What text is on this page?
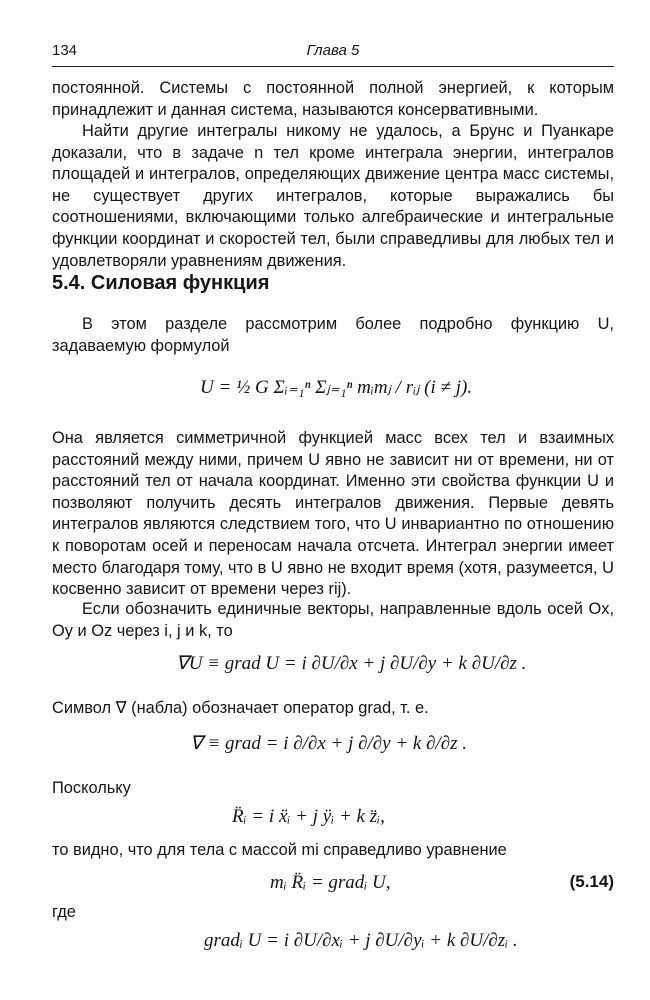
134	Глава 5

постоянной. Системы с постоянной полной энергией, к которым принадлежит и данная система, называются консервативными.

Найти другие интегралы никому не удалось, а Брунс и Пуанкаре доказали, что в задаче n тел кроме интеграла энергии, интегралов площадей и интегралов, определяющих движение центра масс системы, не существует других интегралов, которые выражались бы соотношениями, включающими только алгебраические и интегральные функции координат и скоростей тел, были справедливы для любых тел и удовлетворяли уравнениям движения.

5.4. Силовая функция

В этом разделе рассмотрим более подробно функцию U, задаваемую формулой

U = ½ G Σᵢ₌₁ⁿ Σⱼ₌₁ⁿ mᵢmⱼ / rᵢⱼ (i ≠ j).

Она является симметричной функцией масс всех тел и взаимных расстояний между ними, причем U явно не зависит ни от времени, ни от расстояний тел от начала координат. Именно эти свойства функции U и позволяют получить десять интегралов движения. Первые девять интегралов являются следствием того, что U инвариантно по отношению к поворотам осей и переносам начала отсчета. Интеграл энергии имеет место благодаря тому, что в U явно не входит время (хотя, разумеется, U косвенно зависит от времени через rij).

Если обозначить единичные векторы, направленные вдоль осей Ox, Oy и Oz через i, j и k, то

∇U ≡ grad U = i ∂U/∂x + j ∂U/∂y + k ∂U/∂z .

Символ ∇ (набла) обозначает оператор grad, т. е.

∇ ≡ grad = i ∂/∂x + j ∂/∂y + k ∂/∂z .

Поскольку

R̈ᵢ = i ẍᵢ + j ÿᵢ + k z̈ᵢ,

то видно, что для тела с массой mi справедливо уравнение

mᵢ R̈ᵢ = gradᵢ U,	(5.14)

где

gradᵢ U = i ∂U/∂xᵢ + j ∂U/∂yᵢ + k ∂U/∂zᵢ .
